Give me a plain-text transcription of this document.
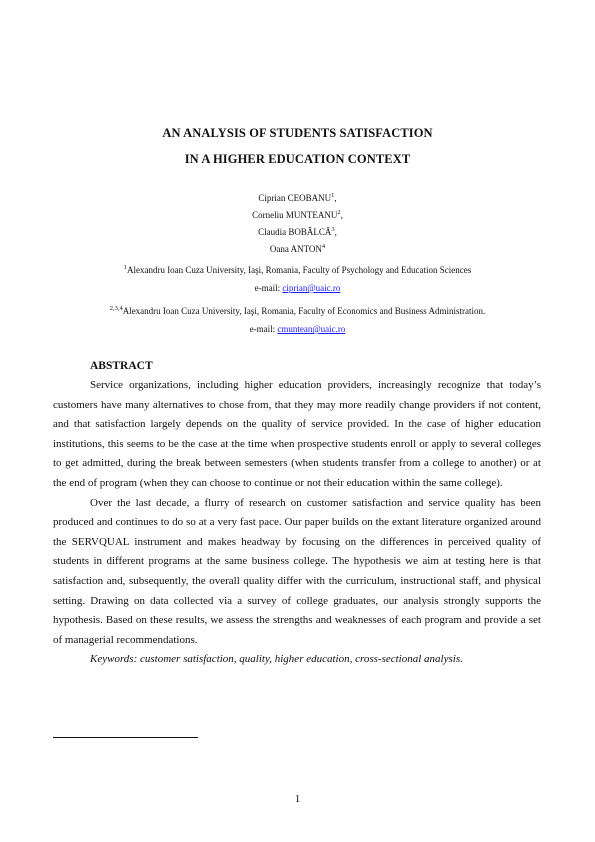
AN ANALYSIS OF STUDENTS SATISFACTION
IN A HIGHER EDUCATION CONTEXT
Ciprian CEOBANU$^1$,
Corneliu MUNTEANU$^2$,
Claudia BOBÂLCĂ$^3$,
Oana ANTON$^4$
$^1$Alexandru Ioan Cuza University, Iaşi, Romania, Faculty of Psychology and Education Sciences
e-mail: ciprian@uaic.ro
$^{2,3,4}$Alexandru Ioan Cuza University, Iaşi, Romania, Faculty of Economics and Business Administration.
e-mail: cmuntean@uaic.ro
ABSTRACT

Service organizations, including higher education providers, increasingly recognize that today’s customers have many alternatives to chose from, that they may more readily change providers if not content, and that satisfaction largely depends on the quality of service provided. In the case of higher education institutions, this seems to be the case at the time when prospective students enroll or apply to several colleges to get admitted, during the break between semesters (when students transfer from a college to another) or at the end of program (when they can choose to continue or not their education within the same college).

Over the last decade, a flurry of research on customer satisfaction and service quality has been produced and continues to do so at a very fast pace. Our paper builds on the extant literature organized around the SERVQUAL instrument and makes headway by focusing on the differences in perceived quality of students in different programs at the same business college. The hypothesis we aim at testing here is that satisfaction and, subsequently, the overall quality differ with the curriculum, instructional staff, and physical setting. Drawing on data collected via a survey of college graduates, our analysis strongly supports the hypothesis. Based on these results, we assess the strengths and weaknesses of each program and provide a set of managerial recommendations.

Keywords: customer satisfaction, quality, higher education, cross-sectional analysis.

1
